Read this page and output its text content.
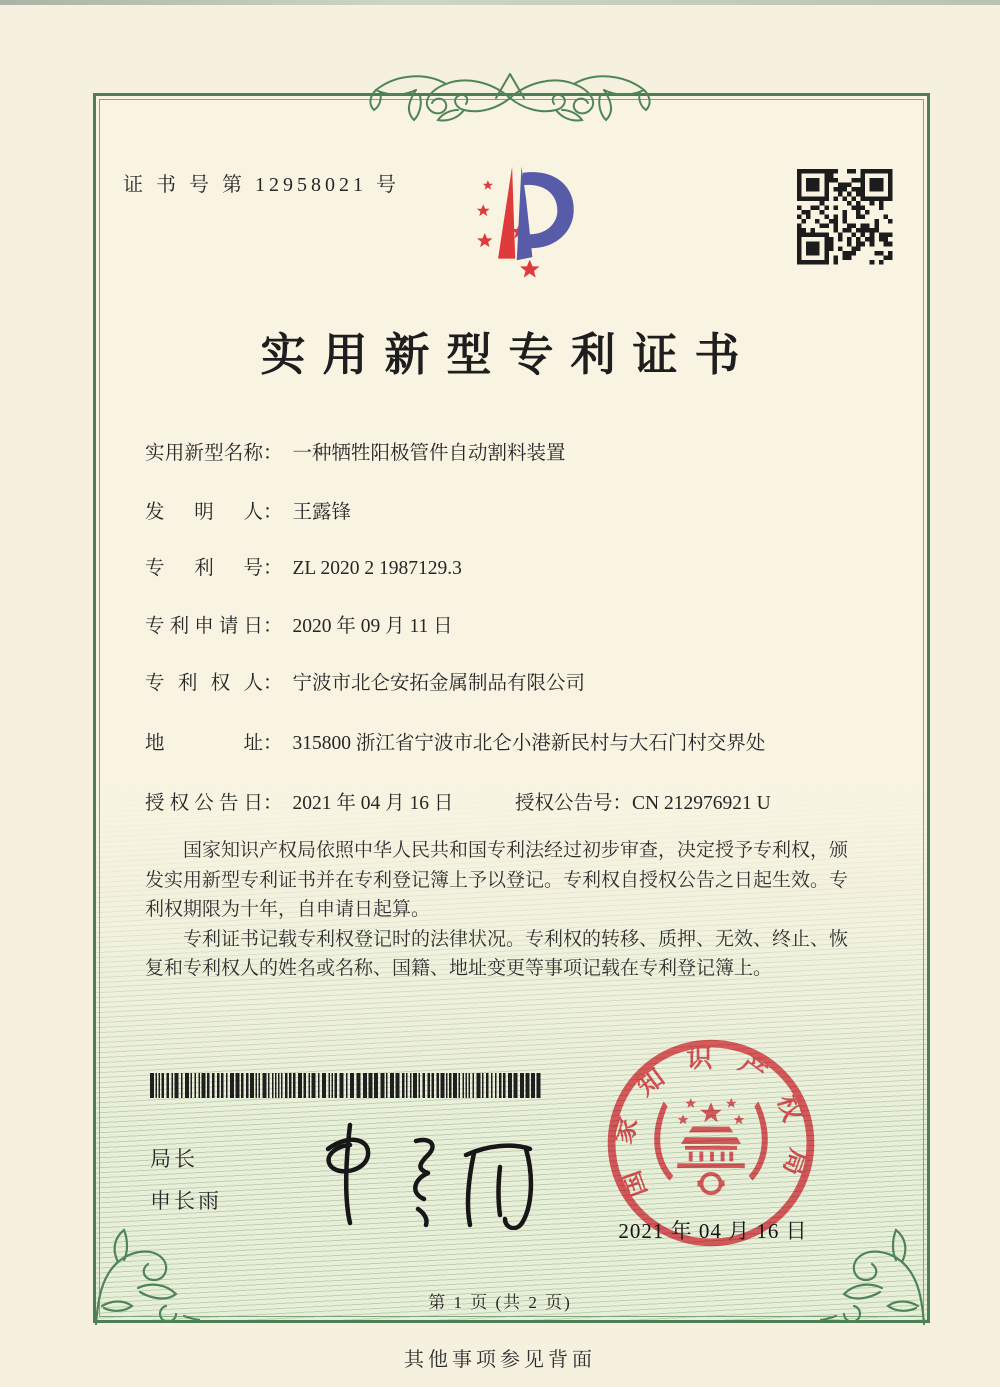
证 书 号 第 12958021 号
实用新型专利证书
实用新型名称： 一种牺牲阳极管件自动割料装置
发明人： 王露锋
专利号： ZL 2020 2 1987129.3
专利申请日： 2020 年 09 月 11 日
专利权人： 宁波市北仑安拓金属制品有限公司
地址： 315800 浙江省宁波市北仑小港新民村与大石门村交界处
授权公告日： 2021 年 04 月 16 日	授权公告号：CN 212976921 U

国家知识产权局依照中华人民共和国专利法经过初步审查，决定授予专利权，颁发实用新型专利证书并在专利登记簿上予以登记。专利权自授权公告之日起生效。专利权期限为十年，自申请日起算。

专利证书记载专利权登记时的法律状况。专利权的转移、质押、无效、终止、恢复和专利权人的姓名或名称、国籍、地址变更等事项记载在专利登记簿上。

局长
申长雨
国家知识产权局
2021 年 04 月 16 日
第 1 页 (共 2 页)
其他事项参见背面
